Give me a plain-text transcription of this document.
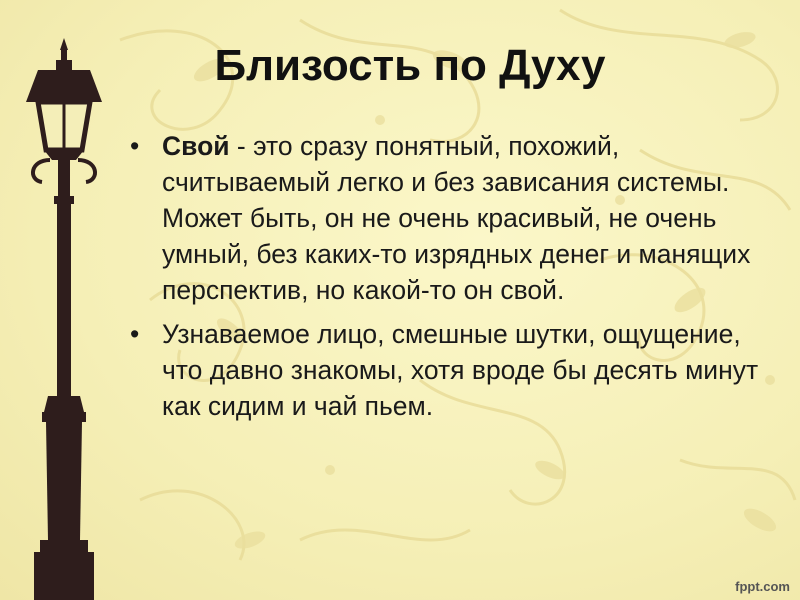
Близость по Духу
• Свой - это сразу понятный, похожий, считываемый легко и без зависания системы. Может быть, он не очень красивый, не очень умный, без каких-то изрядных денег и манящих перспектив, но какой-то он свой.
• Узнаваемое лицо, смешные шутки, ощущение, что давно знакомы, хотя вроде бы десять минут как сидим и чай пьем.
fppt.com
